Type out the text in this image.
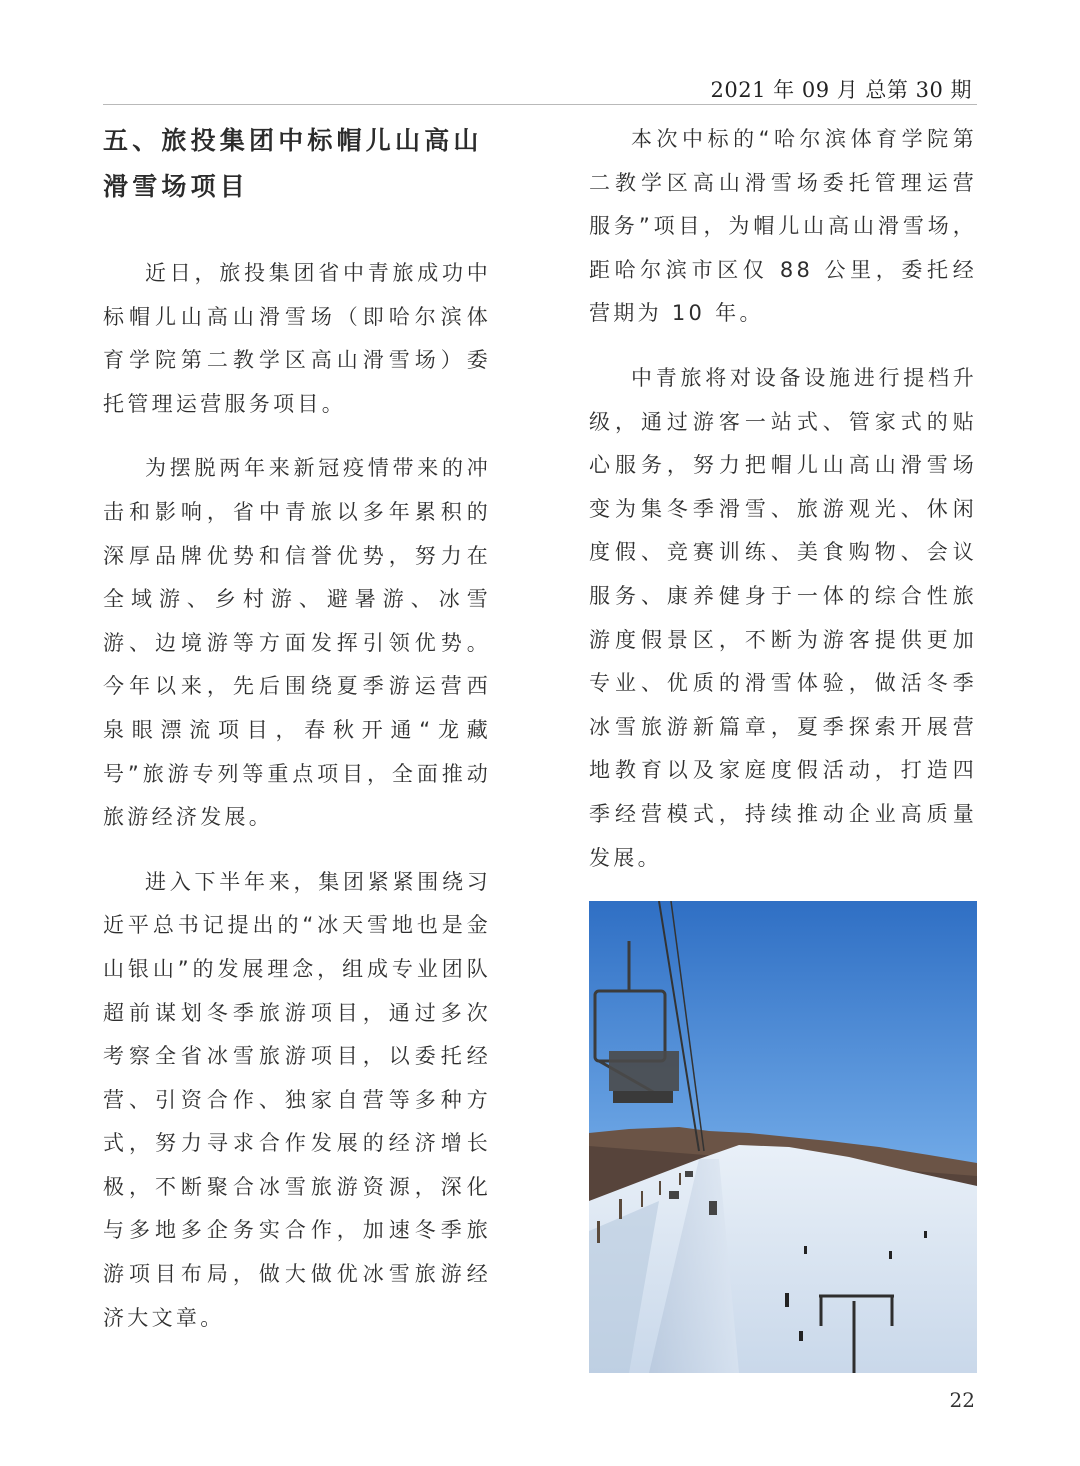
2021 年 09 月 总第 30 期
五、旅投集团中标帽儿山高山滑雪场项目

近日，旅投集团省中青旅成功中标帽儿山高山滑雪场（即哈尔滨体育学院第二教学区高山滑雪场）委托管理运营服务项目。

为摆脱两年来新冠疫情带来的冲击和影响，省中青旅以多年累积的深厚品牌优势和信誉优势，努力在全域游、乡村游、避暑游、冰雪游、边境游等方面发挥引领优势。今年以来，先后围绕夏季游运营西泉眼漂流项目，春秋开通“龙藏号”旅游专列等重点项目，全面推动旅游经济发展。

进入下半年来，集团紧紧围绕习近平总书记提出的“冰天雪地也是金山银山”的发展理念，组成专业团队超前谋划冬季旅游项目，通过多次考察全省冰雪旅游项目，以委托经营、引资合作、独家自营等多种方式，努力寻求合作发展的经济增长极，不断聚合冰雪旅游资源，深化与多地多企务实合作，加速冬季旅游项目布局，做大做优冰雪旅游经济大文章。

本次中标的“哈尔滨体育学院第二教学区高山滑雪场委托管理运营服务”项目，为帽儿山高山滑雪场，距哈尔滨市区仅 88 公里，委托经营期为 10 年。

中青旅将对设备设施进行提档升级，通过游客一站式、管家式的贴心服务，努力把帽儿山高山滑雪场变为集冬季滑雪、旅游观光、休闲度假、竞赛训练、美食购物、会议服务、康养健身于一体的综合性旅游度假景区，不断为游客提供更加专业、优质的滑雪体验，做活冬季冰雪旅游新篇章，夏季探索开展营地教育以及家庭度假活动，打造四季经营模式，持续推动企业高质量发展。

22
